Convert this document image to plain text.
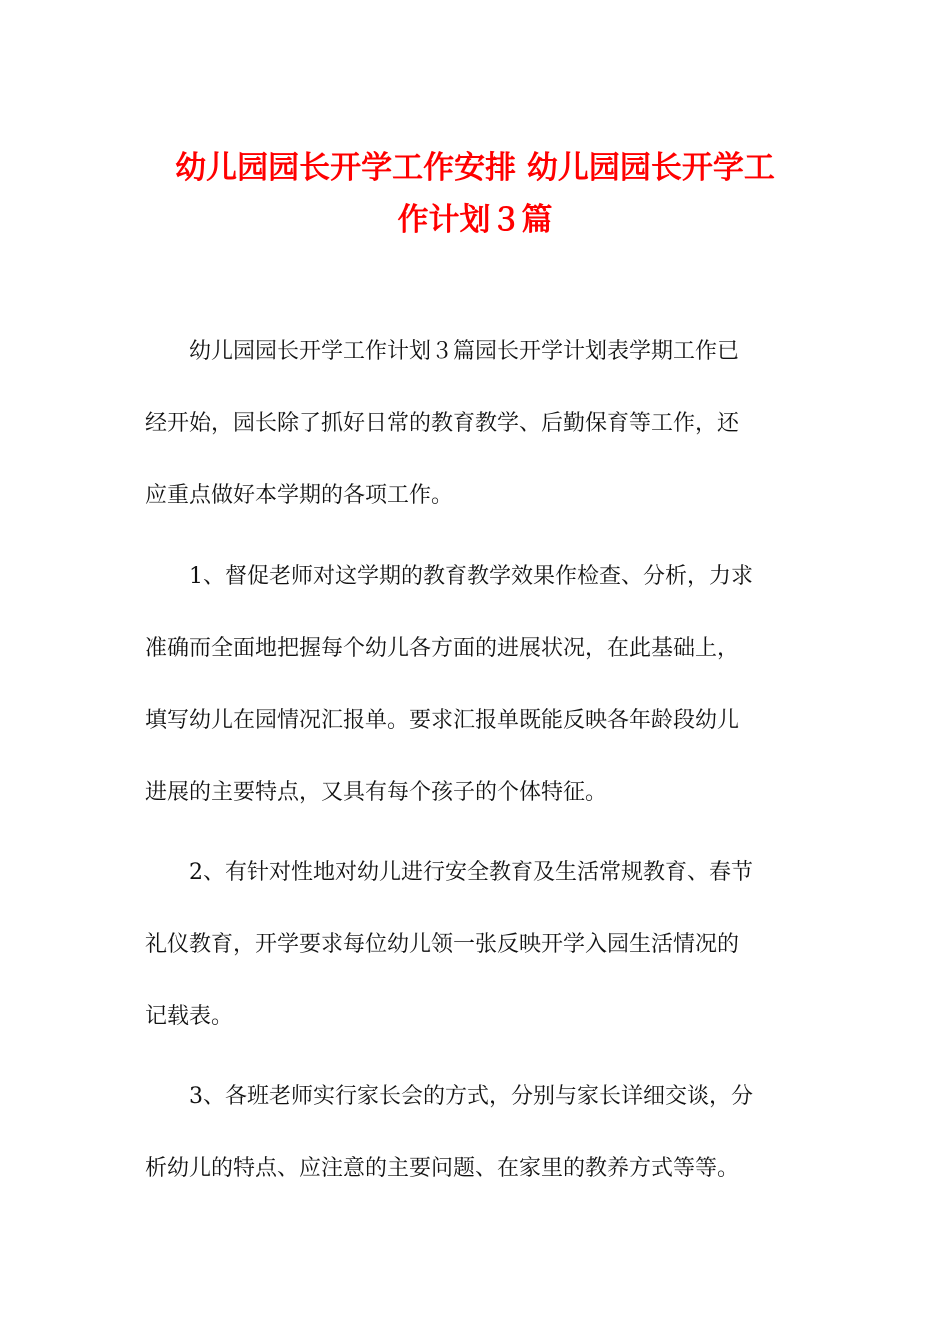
幼儿园园长开学工作安排 幼儿园园长开学工
作计划３篇
幼儿园园长开学工作计划３篇园长开学计划表学期工作已
经开始，园长除了抓好日常的教育教学、后勤保育等工作，还
应重点做好本学期的各项工作。
1、督促老师对这学期的教育教学效果作检查、分析，力求
准确而全面地把握每个幼儿各方面的进展状况，在此基础上，
填写幼儿在园情况汇报单。要求汇报单既能反映各年龄段幼儿
进展的主要特点，又具有每个孩子的个体特征。
2、有针对性地对幼儿进行安全教育及生活常规教育、春节
礼仪教育，开学要求每位幼儿领一张反映开学入园生活情况的
记载表。
3、各班老师实行家长会的方式，分别与家长详细交谈，分
析幼儿的特点、应注意的主要问题、在家里的教养方式等等。
